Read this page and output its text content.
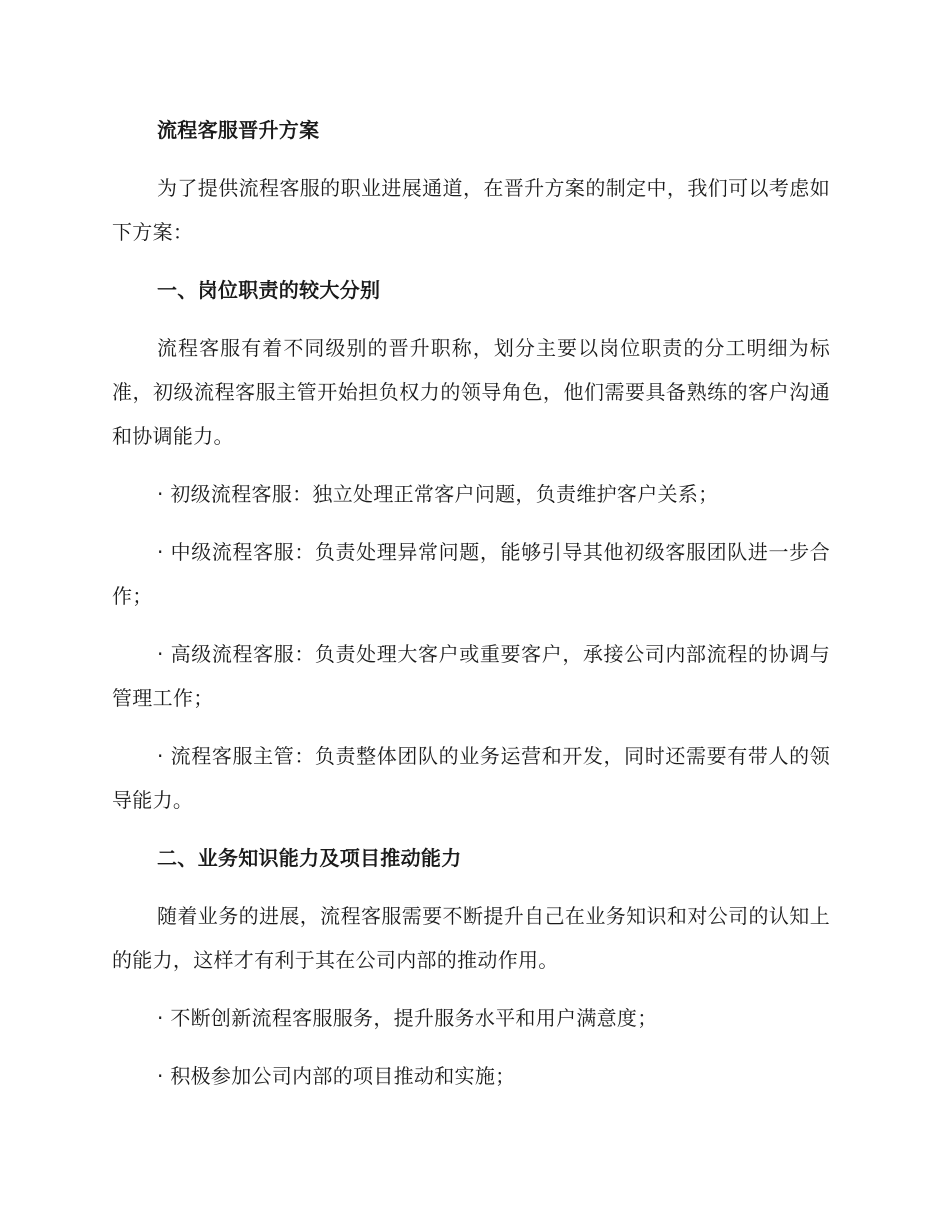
流程客服晋升方案

为了提供流程客服的职业进展通道，在晋升方案的制定中，我们可以考虑如下方案：

一、岗位职责的较大分别

流程客服有着不同级别的晋升职称，划分主要以岗位职责的分工明细为标准，初级流程客服主管开始担负权力的领导角色，他们需要具备熟练的客户沟通和协调能力。

· 初级流程客服：独立处理正常客户问题，负责维护客户关系；

· 中级流程客服：负责处理异常问题，能够引导其他初级客服团队进一步合作；

· 高级流程客服：负责处理大客户或重要客户，承接公司内部流程的协调与管理工作；

· 流程客服主管：负责整体团队的业务运营和开发，同时还需要有带人的领导能力。

二、业务知识能力及项目推动能力

随着业务的进展，流程客服需要不断提升自己在业务知识和对公司的认知上的能力，这样才有利于其在公司内部的推动作用。

· 不断创新流程客服服务，提升服务水平和用户满意度；

· 积极参加公司内部的项目推动和实施；
